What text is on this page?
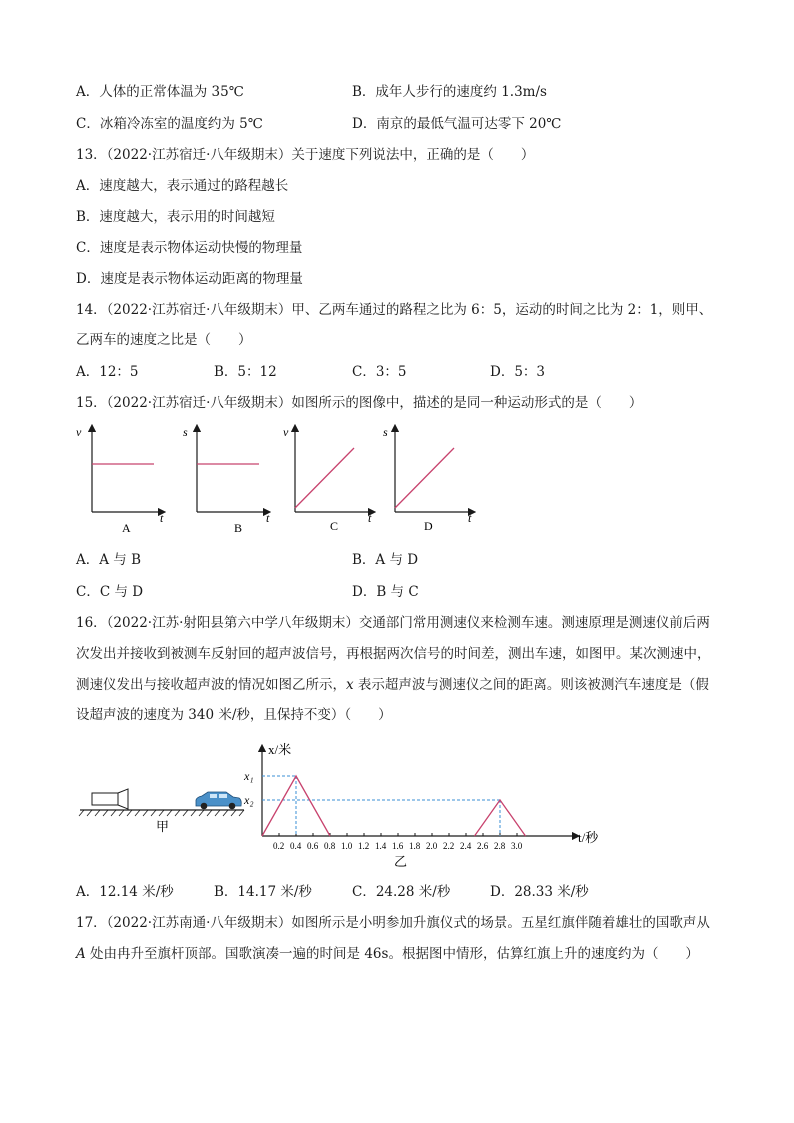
A．人体的正常体温为 35℃	B．成年人步行的速度约 1.3m/s
C．冰箱冷冻室的温度约为 5℃	D．南京的最低气温可达零下 20℃
13．（2022·江苏宿迁·八年级期末）关于速度下列说法中，正确的是（　　）
A．速度越大，表示通过的路程越长
B．速度越大，表示用的时间越短
C．速度是表示物体运动快慢的物理量
D．速度是表示物体运动距离的物理量
14．（2022·江苏宿迁·八年级期末）甲、乙两车通过的路程之比为 6：5，运动的时间之比为 2：1，则甲、
乙两车的速度之比是（　　）
A．12：5	B．5：12	C．3：5	D．5：3
15．（2022·江苏宿迁·八年级期末）如图所示的图像中，描述的是同一种运动形式的是（　　）
v
t
A
s
t
B
v
t
C
s
t
D
A．A 与 B	B．A 与 D
C．C 与 D	D．B 与 C
16．（2022·江苏·射阳县第六中学八年级期末）交通部门常用测速仪来检测车速。测速原理是测速仪前后两
次发出并接收到被测车反射回的超声波信号，再根据两次信号的时间差，测出车速，如图甲。某次测速中，
测速仪发出与接收超声波的情况如图乙所示，x 表示超声波与测速仪之间的距离。则该被测汽车速度是（假
设超声波的速度为 340 米/秒，且保持不变）（　　）
甲
x/米
t/秒
x₁
x₂
0.2 0.4 0.6 0.8 1.0 1.2 1.4 1.6 1.8 2.0 2.2 2.4 2.6 2.8 3.0
乙
A．12.14 米/秒	B．14.17 米/秒	C．24.28 米/秒	D．28.33 米/秒
17．（2022·江苏南通·八年级期末）如图所示是小明参加升旗仪式的场景。五星红旗伴随着雄壮的国歌声从
A 处由冉升至旗杆顶部。国歌演凑一遍的时间是 46s。根据图中情形，估算红旗上升的速度约为（　　）
